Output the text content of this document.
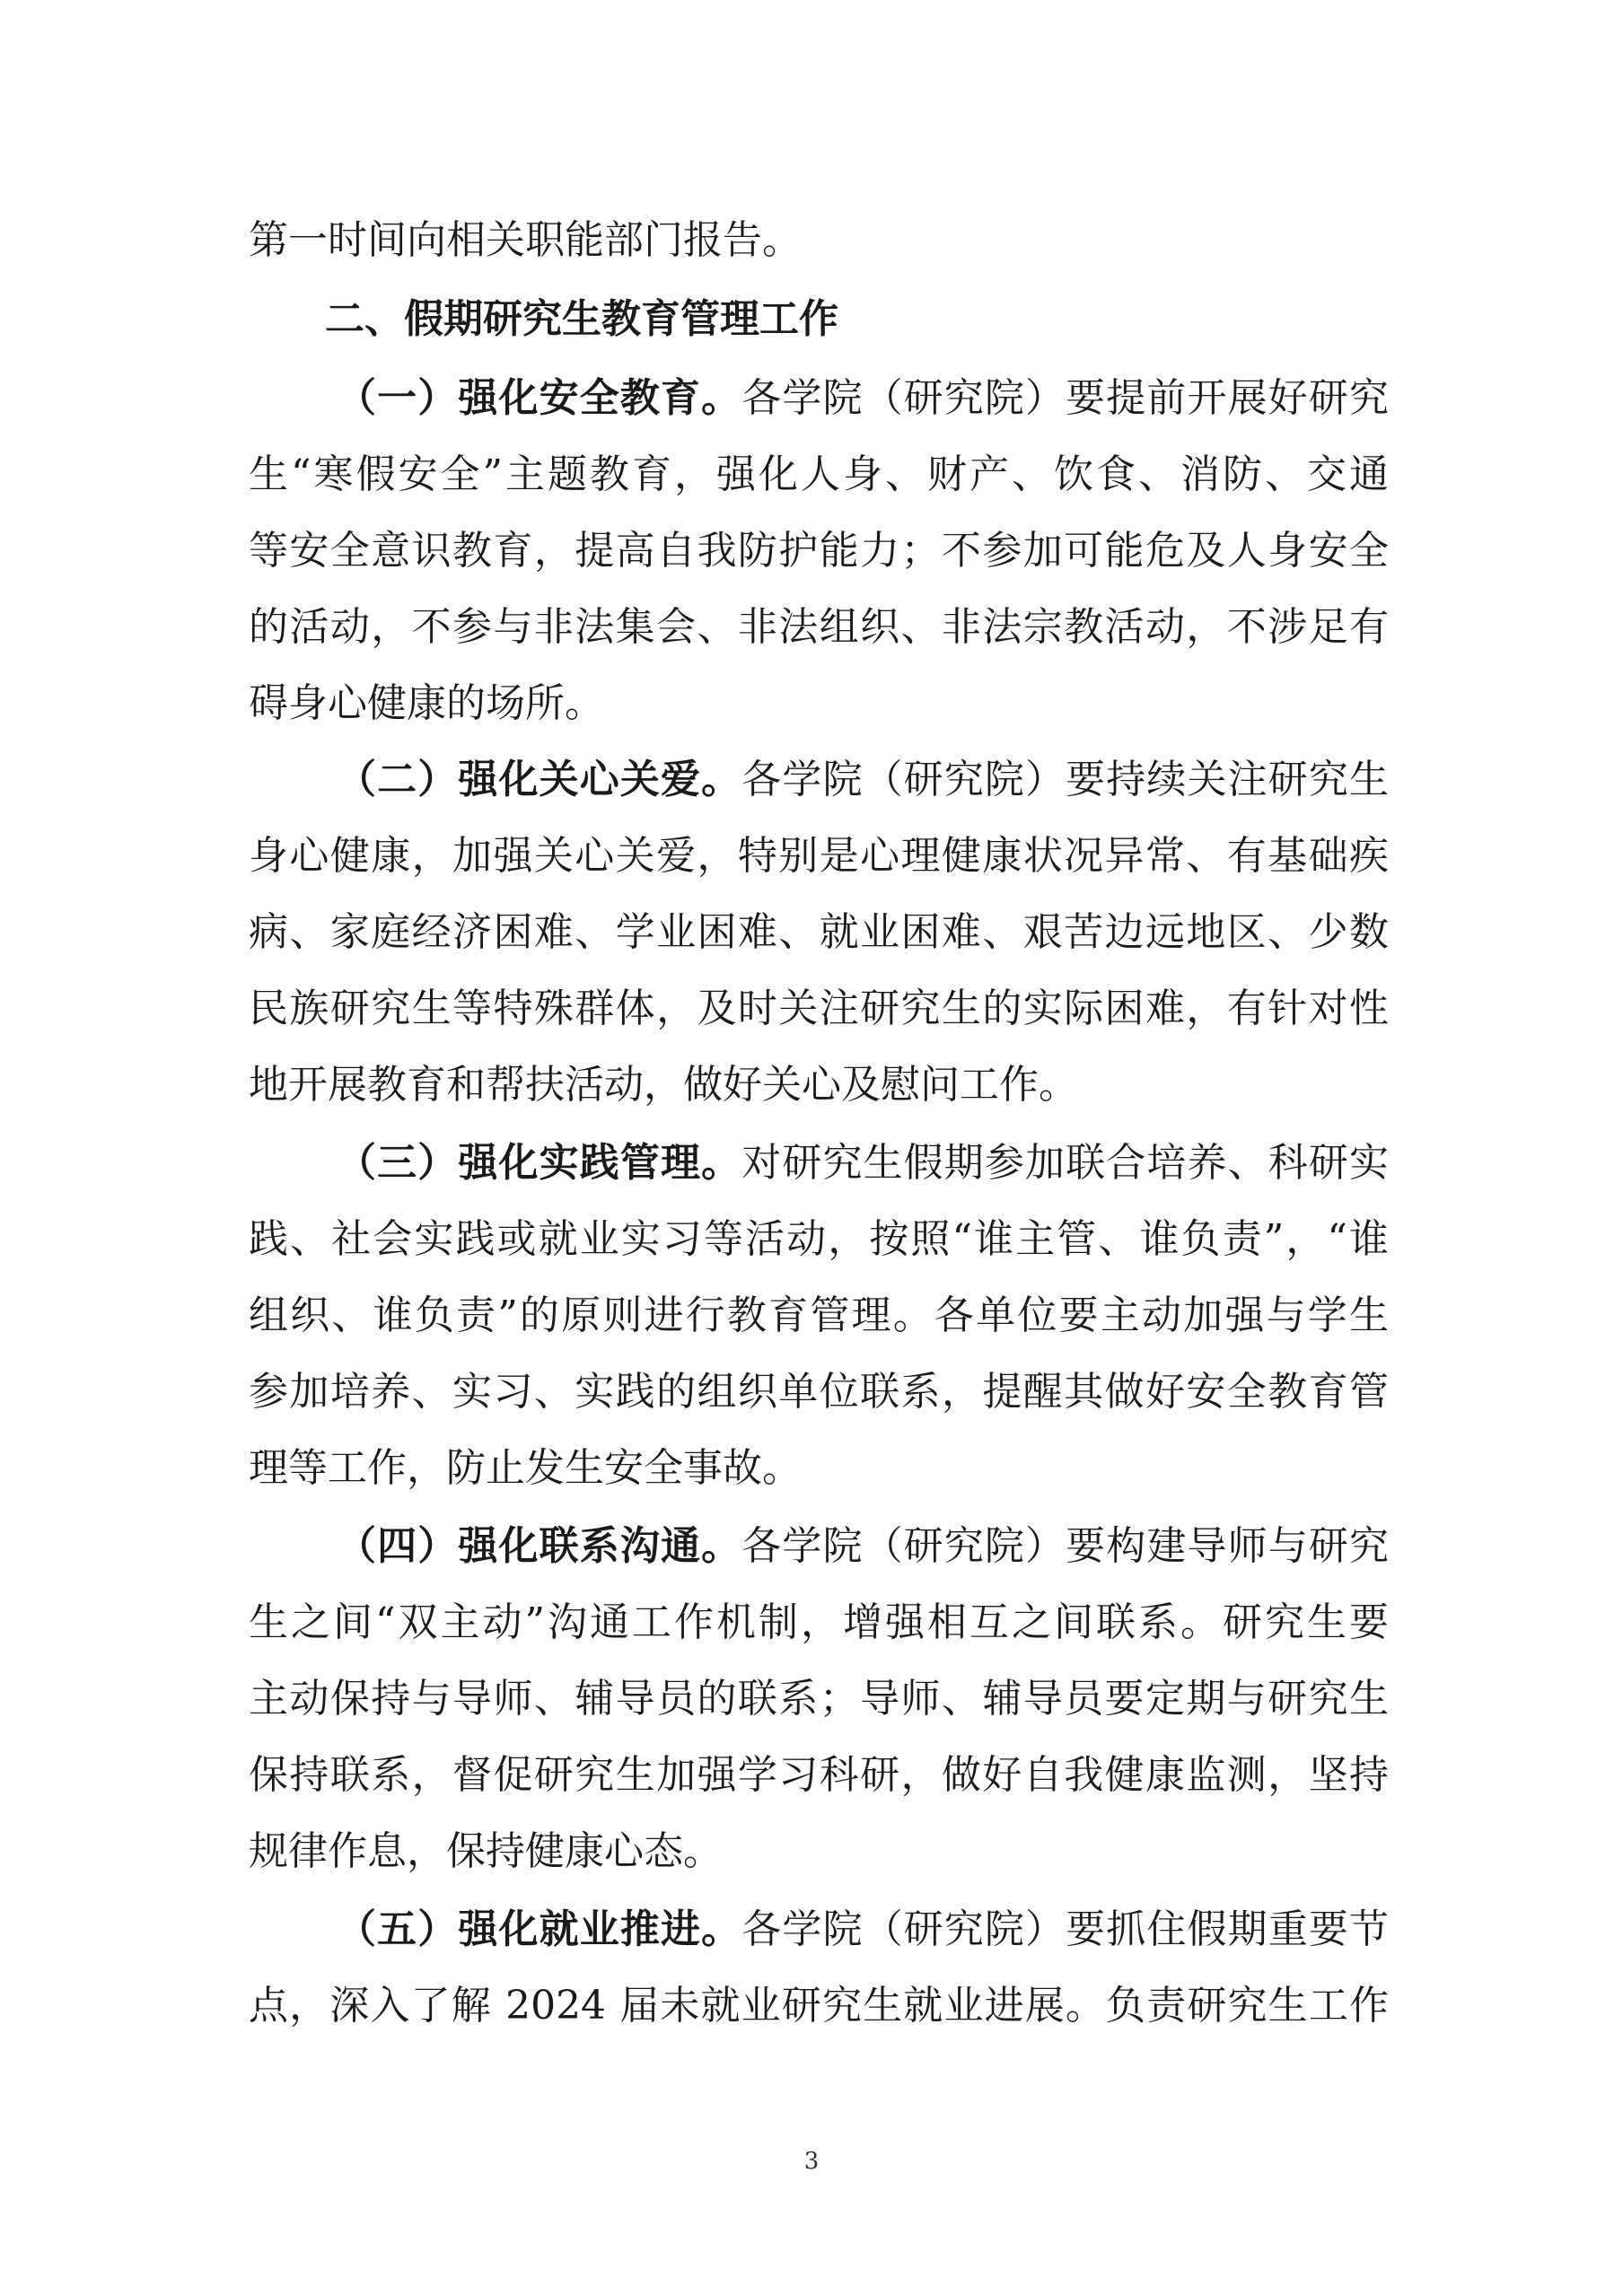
第一时间向相关职能部门报告。
二、假期研究生教育管理工作
（一）强化安全教育。各学院（研究院）要提前开展好研究
生“寒假安全”主题教育，强化人身、财产、饮食、消防、交通
等安全意识教育，提高自我防护能力；不参加可能危及人身安全
的活动，不参与非法集会、非法组织、非法宗教活动，不涉足有
碍身心健康的场所。
（二）强化关心关爱。各学院（研究院）要持续关注研究生
身心健康，加强关心关爱，特别是心理健康状况异常、有基础疾
病、家庭经济困难、学业困难、就业困难、艰苦边远地区、少数
民族研究生等特殊群体，及时关注研究生的实际困难，有针对性
地开展教育和帮扶活动，做好关心及慰问工作。
（三）强化实践管理。对研究生假期参加联合培养、科研实
践、社会实践或就业实习等活动，按照“谁主管、谁负责”，“谁
组织、谁负责”的原则进行教育管理。各单位要主动加强与学生
参加培养、实习、实践的组织单位联系，提醒其做好安全教育管
理等工作，防止发生安全事故。
（四）强化联系沟通。各学院（研究院）要构建导师与研究
生之间“双主动”沟通工作机制，增强相互之间联系。研究生要
主动保持与导师、辅导员的联系；导师、辅导员要定期与研究生
保持联系，督促研究生加强学习科研，做好自我健康监测，坚持
规律作息，保持健康心态。
（五）强化就业推进。各学院（研究院）要抓住假期重要节
点，深入了解 2024 届未就业研究生就业进展。负责研究生工作
3
